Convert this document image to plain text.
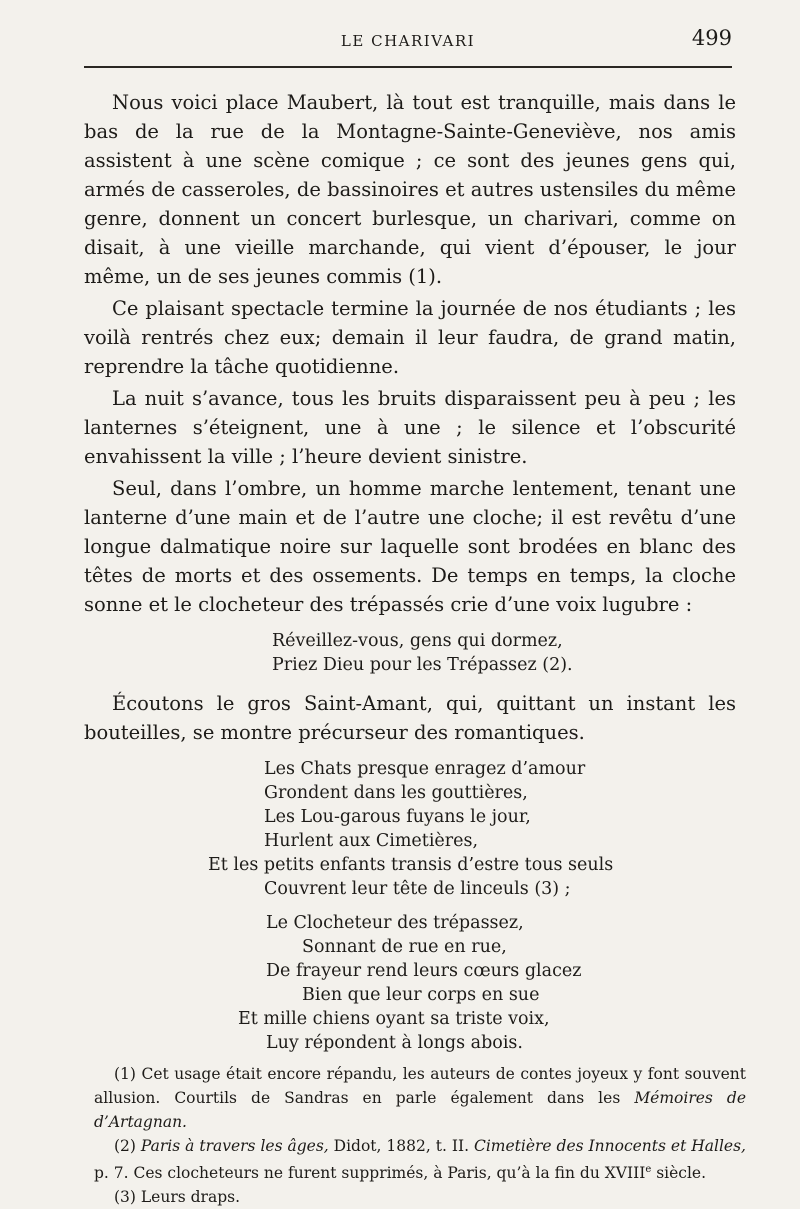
LE CHARIVARI	499

Nous voici place Maubert, là tout est tranquille, mais dans le bas de la rue de la Montagne-Sainte-Geneviève, nos amis assistent à une scène comique ; ce sont des jeunes gens qui, armés de casseroles, de bassinoires et autres ustensiles du même genre, donnent un concert burlesque, un charivari, comme on disait, à une vieille marchande, qui vient d’épouser, le jour même, un de ses jeunes commis (1).

Ce plaisant spectacle termine la journée de nos étudiants ; les voilà rentrés chez eux; demain il leur faudra, de grand matin, reprendre la tâche quotidienne.

La nuit s’avance, tous les bruits disparaissent peu à peu ; les lanternes s’éteignent, une à une ; le silence et l’obscurité envahissent la ville ; l’heure devient sinistre.

Seul, dans l’ombre, un homme marche lentement, tenant une lanterne d’une main et de l’autre une cloche; il est revêtu d’une longue dalmatique noire sur laquelle sont brodées en blanc des têtes de morts et des ossements. De temps en temps, la cloche sonne et le clocheteur des trépassés crie d’une voix lugubre :

Réveillez-vous, gens qui dormez,
Priez Dieu pour les Trépassez (2).

Écoutons le gros Saint-Amant, qui, quittant un instant les bouteilles, se montre précurseur des romantiques.

Les Chats presque enragez d’amour
Grondent dans les gouttières,
Les Lou-garous fuyans le jour,
Hurlent aux Cimetières,
Et les petits enfants transis d’estre tous seuls
Couvrent leur tête de linceuls (3) ;
Le Clocheteur des trépassez,
Sonnant de rue en rue,
De frayeur rend leurs cœurs glacez
Bien que leur corps en sue
Et mille chiens oyant sa triste voix,
Luy répondent à longs abois.

(1) Cet usage était encore répandu, les auteurs de contes joyeux y font souvent allusion. Courtils de Sandras en parle également dans les Mémoires de d’Artagnan.

(2) Paris à travers les âges, Didot, 1882, t. II. Cimetière des Innocents et Halles, p. 7. Ces clocheteurs ne furent supprimés, à Paris, qu’à la fin du XVIIIe siècle.

(3) Leurs draps.
